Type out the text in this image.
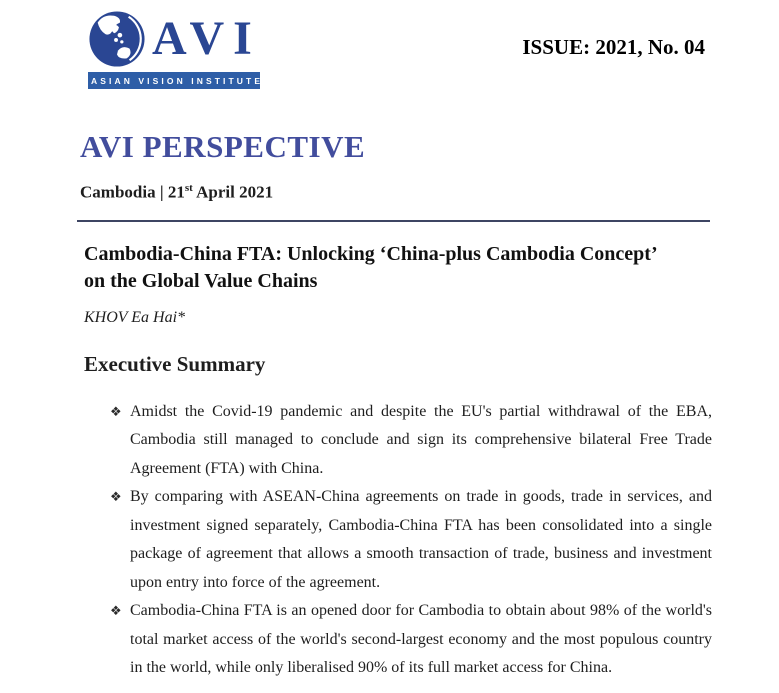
AVI
ASIAN VISION INSTITUTE
ISSUE: 2021, No. 04
AVI PERSPECTIVE
Cambodia | 21st April 2021
Cambodia-China FTA: Unlocking ‘China-plus Cambodia Concept’ on the Global Value Chains
KHOV Ea Hai*
Executive Summary
❖ Amidst the Covid-19 pandemic and despite the EU's partial withdrawal of the EBA, Cambodia still managed to conclude and sign its comprehensive bilateral Free Trade Agreement (FTA) with China.
❖ By comparing with ASEAN-China agreements on trade in goods, trade in services, and investment signed separately, Cambodia-China FTA has been consolidated into a single package of agreement that allows a smooth transaction of trade, business and investment upon entry into force of the agreement.
❖ Cambodia-China FTA is an opened door for Cambodia to obtain about 98% of the world's total market access of the world's second-largest economy and the most populous country in the world, while only liberalised 90% of its full market access for China.
